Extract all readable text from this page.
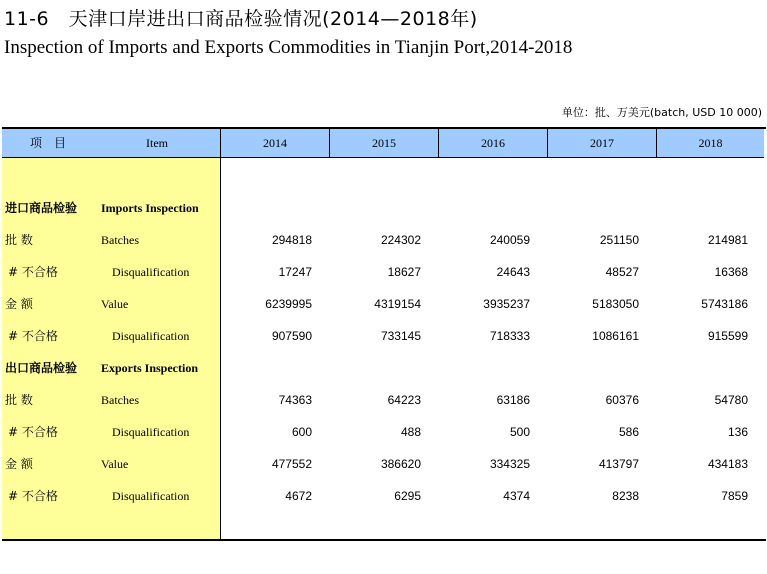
11-6　天津口岸进出口商品检验情况(2014—2018年)
Inspection of Imports and Exports Commodities in Tianjin Port,2014-2018
单位：批、万美元(batch, USD 10 000)
项　目	Item	2014	2015	2016	2017	2018
进口商品检验 Imports Inspection
批 数	Batches	294818	224302	240059	251150	214981
# 不合格	Disqualification	17247	18627	24643	48527	16368
金 额	Value	6239995	4319154	3935237	5183050	5743186
# 不合格	Disqualification	907590	733145	718333	1086161	915599
出口商品检验 Exports Inspection
批 数	Batches	74363	64223	63186	60376	54780
# 不合格	Disqualification	600	488	500	586	136
金 额	Value	477552	386620	334325	413797	434183
# 不合格	Disqualification	4672	6295	4374	8238	7859
